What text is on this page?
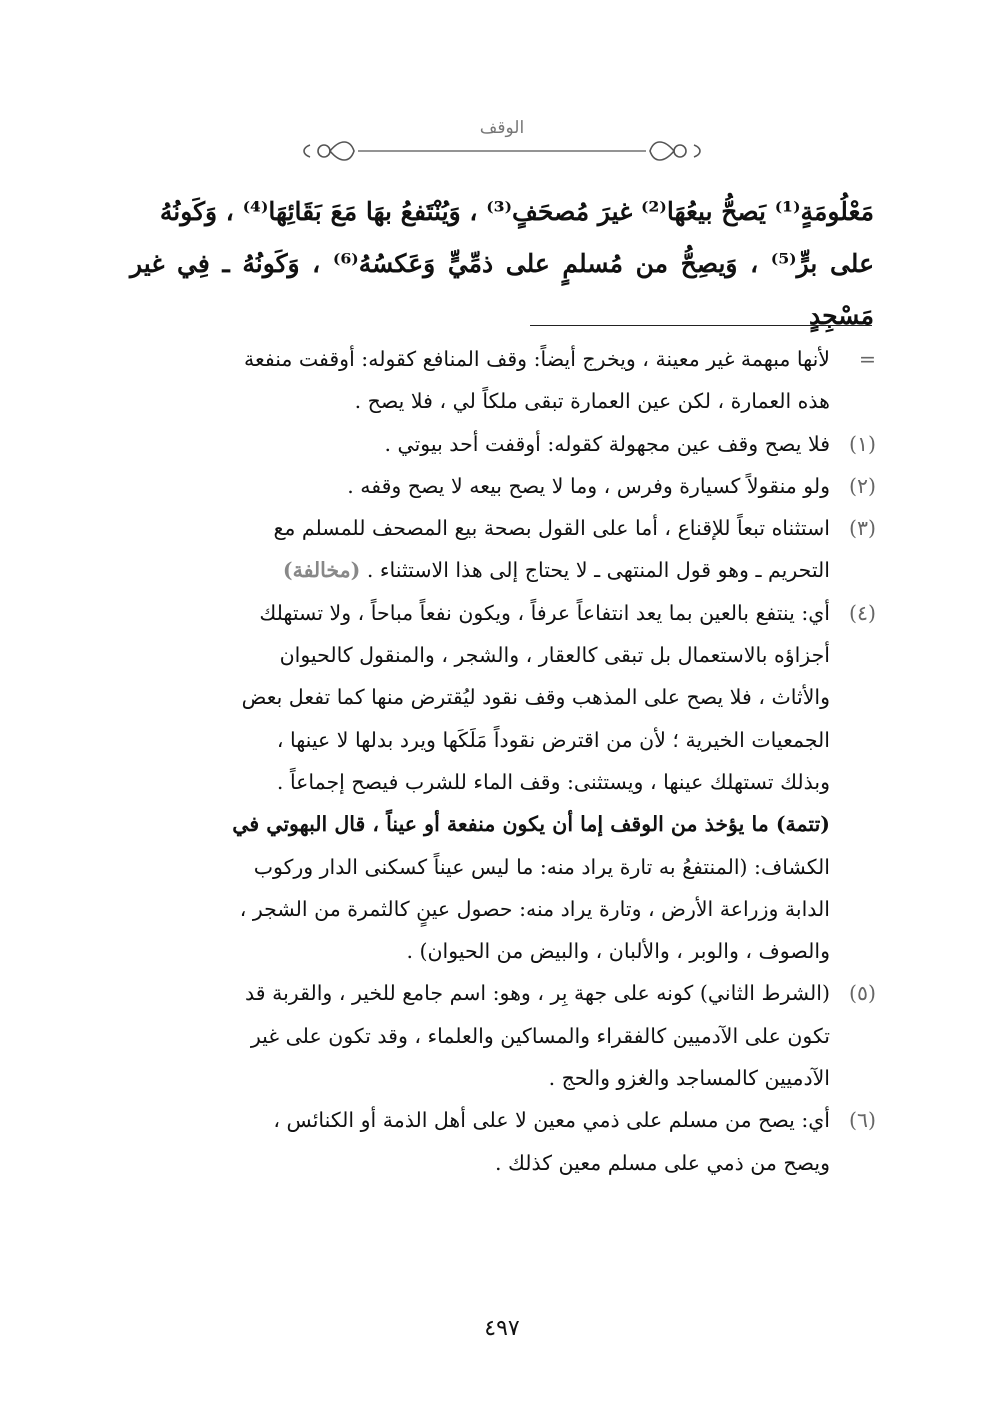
الوقف
مَعْلُومَةٍ⁽¹⁾ يَصحُّ بيعُهَا⁽²⁾ غيرَ مُصحَفٍ⁽³⁾ ، وَيُنْتَفعُ بهَا مَعَ بَقَائِهَا⁽⁴⁾ ، وَكَونُهُ
على برٍّ⁽⁵⁾ ، وَيصِحُّ من مُسلمٍ على ذمِّيٍّ وَعَكسُهُ⁽⁶⁾ ، وَكَونُهُ ـ فِي غير مَسْجِدٍ
=
لأنها مبهمة غير معينة ، ويخرج أيضاً: وقف المنافع كقوله: أوقفت منفعة
هذه العمارة ، لكن عين العمارة تبقى ملكاً لي ، فلا يصح .
(١)
فلا يصح وقف عين مجهولة كقوله: أوقفت أحد بيوتي .
(٢)
ولو منقولاً كسيارة وفرس ، وما لا يصح بيعه لا يصح وقفه .
(٣)
استثناه تبعاً للإقناع ، أما على القول بصحة بيع المصحف للمسلم مع
التحريم ـ وهو قول المنتهى ـ لا يحتاج إلى هذا الاستثناء . (مخالفة)
(٤)
أي: ينتفع بالعين بما يعد انتفاعاً عرفاً ، ويكون نفعاً مباحاً ، ولا تستهلك
أجزاؤه بالاستعمال بل تبقى كالعقار ، والشجر ، والمنقول كالحيوان
والأثاث ، فلا يصح على المذهب وقف نقود ليُقترض منها كما تفعل بعض
الجمعيات الخيرية ؛ لأن من اقترض نقوداً مَلَكَها ويرد بدلها لا عينها ،
وبذلك تستهلك عينها ، ويستثنى: وقف الماء للشرب فيصح إجماعاً .
(تتمة) ما يؤخذ من الوقف إما أن يكون منفعة أو عيناً ، قال البهوتي في
الكشاف: (المنتفعُ به تارة يراد منه: ما ليس عيناً كسكنى الدار وركوب
الدابة وزراعة الأرض ، وتارة يراد منه: حصول عينٍ كالثمرة من الشجر ،
والصوف ، والوبر ، والألبان ، والبيض من الحيوان) .
(٥)
(الشرط الثاني) كونه على جهة بِر ، وهو: اسم جامع للخير ، والقربة قد
تكون على الآدميين كالفقراء والمساكين والعلماء ، وقد تكون على غير
الآدميين كالمساجد والغزو والحج .
(٦)
أي: يصح من مسلم على ذمي معين لا على أهل الذمة أو الكنائس ،
ويصح من ذمي على مسلم معين كذلك .
٤٩٧
